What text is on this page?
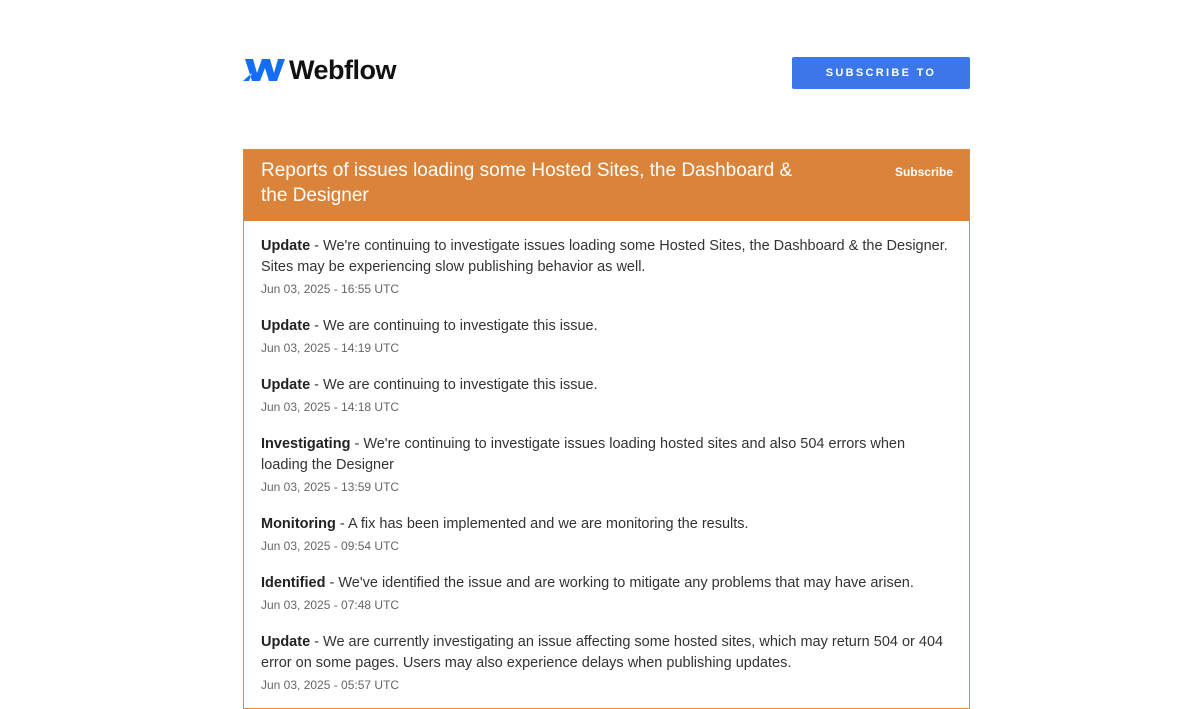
Webflow	SUBSCRIBE TO UPDATES
Reports of issues loading some Hosted Sites, the Dashboard & the Designer
Subscribe
Update - We're continuing to investigate issues loading some Hosted Sites, the Dashboard & the Designer. Sites may be experiencing slow publishing behavior as well.
Jun 03, 2025 - 16:55 UTC
Update - We are continuing to investigate this issue.
Jun 03, 2025 - 14:19 UTC
Update - We are continuing to investigate this issue.
Jun 03, 2025 - 14:18 UTC
Investigating - We're continuing to investigate issues loading hosted sites and also 504 errors when loading the Designer
Jun 03, 2025 - 13:59 UTC
Monitoring - A fix has been implemented and we are monitoring the results.
Jun 03, 2025 - 09:54 UTC
Identified - We've identified the issue and are working to mitigate any problems that may have arisen.
Jun 03, 2025 - 07:48 UTC
Update - We are currently investigating an issue affecting some hosted sites, which may return 504 or 404 error on some pages. Users may also experience delays when publishing updates.
Jun 03, 2025 - 05:57 UTC
